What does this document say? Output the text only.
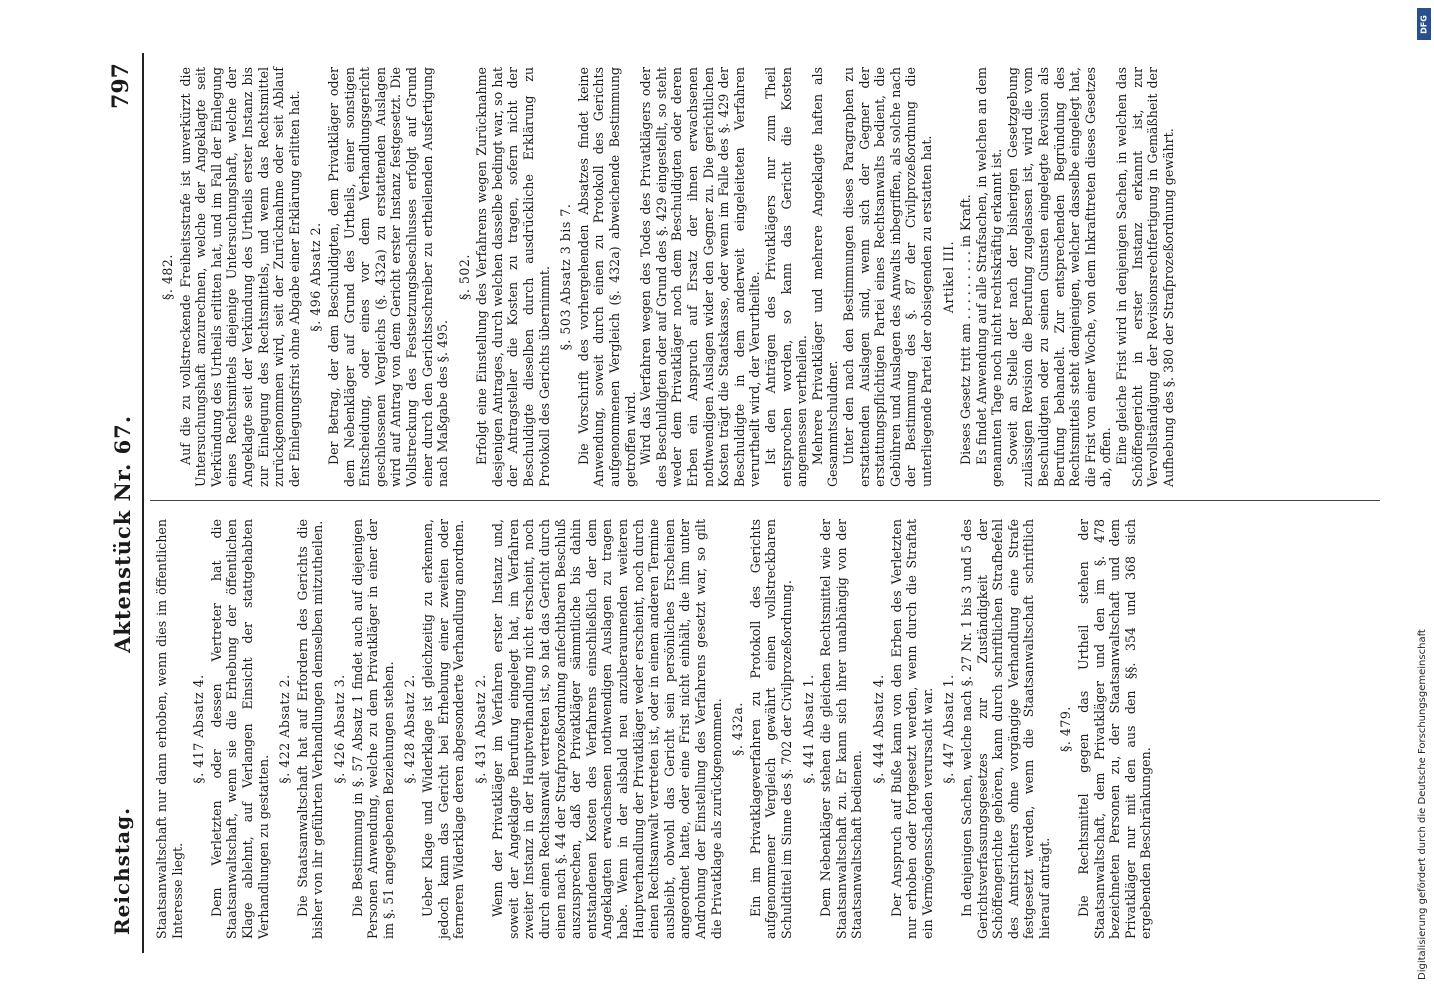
Reichstag.
Aktenstück Nr. 67.
797
Staatsanwaltschaft nur dann erhoben, wenn dies im öffentlichen Interesse liegt.
§. 417 Absatz 4. Dem Verletzten oder dessen Vertreter hat die Staatsanwaltschaft, wenn sie die Erhebung der öffentlichen Klage ablehnt, auf Verlangen Einsicht der stattgehabten Verhandlungen zu gestatten.
§. 422 Absatz 2. Die Staatsanwaltschaft hat auf Erfordern des Gerichts die bisher von ihr geführten Verhandlungen demselben mitzutheilen. §. 426 Absatz 3. Die Bestimmung in §. 57 Absatz 1 findet auch auf diejenigen Personen Anwendung, welche zu dem Privatkläger in einer der im §. 51 angegebenen Beziehungen stehen. §. 428 Absatz 2. Ueber Klage und Widerklage ist gleichzeitig zu erkennen, jedoch kann das Gericht bei Erhebung einer zweiten oder ferneren Widerklage deren abgesonderte Verhandlung anordnen. §. 431 Absatz 2. Wenn der Privatkläger im Verfahren erster Instanz und, soweit der Angeklagte Berufung eingelegt hat, im Verfahren zweiter Instanz in der Hauptverhandlung nicht erscheint, noch durch einen Rechtsanwalt vertreten ist, so hat das Gericht durch einen nach §. 44 der Strafprozeßordnung anfechtbaren Beschluß auszusprechen, daß der Privatkläger sämmtliche bis dahin entstandenen Kosten des Verfahrens einschließlich der dem Angeklagten erwachsenen nothwendigen Auslagen zu tragen habe. Wenn in der alsbald neu anzuberaumenden weiteren Hauptverhandlung der Privatkläger weder erscheint, noch durch einen Rechtsanwalt vertreten ist, oder in einem anderen Termine ausbleibt, obwohl das Gericht sein persönliches Erscheinen angeordnet hatte, oder eine Frist nicht einhält, die ihm unter Androhung der Einstellung des Verfahrens gesetzt war, so gilt die Privatklage als zurückgenommen. §. 432a. Ein im Privatklageverfahren zu Protokoll des Gerichts aufgenommener Vergleich gewährt einen vollstreckbaren Schuldtitel im Sinne des §. 702 der Civilprozeßordnung. §. 441 Absatz 1. Dem Nebenkläger stehen die gleichen Rechtsmittel wie der Staatsanwaltschaft zu. Er kann sich ihrer unabhängig von der Staatsanwaltschaft bedienen.
§. 444 Absatz 4. Der Anspruch auf Buße kann von den Erben des Verletzten nur erhoben oder fortgesetzt werden, wenn durch die Straftat ein Vermögensschaden verursacht war. §. 447 Absatz 1. In denjenigen Sachen, welche nach §. 27 Nr. 1 bis 3 und 5 des Gerichtsverfassungsgesetzes zur Zuständigkeit der Schöffengerichte gehören, kann durch schriftlichen Strafbefehl des Amtsrichters ohne vorgängige Verhandlung eine Strafe festgesetzt werden, wenn die Staatsanwaltschaft schriftlich hierauf anträgt.
§. 479. Die Rechtsmittel gegen das Urtheil stehen der Staatsanwaltschaft, dem Privatkläger und den im §. 478 bezeichneten Personen zu, der Staatsanwaltschaft und dem Privatkläger nur mit den aus den §§. 354 und 368 sich ergebenden Beschränkungen.
§. 482. Auf die zu vollstreckende Freiheitsstrafe ist unverkürzt die Untersuchungshaft anzurechnen, welche der Angeklagte seit Verkündung des Urtheils erlitten hat, und im Fall der Einlegung eines Rechtsmittels diejenige Untersuchungshaft, welche der Angeklagte seit der Verkündung des Urtheils erster Instanz bis zur Einlegung des Rechtsmittels, und wenn das Rechtsmittel zurückgenommen wird, seit der Zurücknahme oder seit Ablauf der Einlegungsfrist ohne Abgabe einer Erklärung erlitten hat. §. 496 Absatz 2. Der Betrag, der dem Beschuldigten, dem Privatkläger oder dem Nebenkläger auf Grund des Urtheils, einer sonstigen Entscheidung, oder eines vor dem Verhandlungsgericht geschlossenen Vergleichs (§. 432a) zu erstattenden Auslagen wird auf Antrag von dem Gericht erster Instanz festgesetzt. Die Vollstreckung des Festsetzungsbeschlusses erfolgt auf Grund einer durch den Gerichtsschreiber zu ertheilenden Ausfertigung nach Maßgabe des §. 495.
§. 502. Erfolgt eine Einstellung des Verfahrens wegen Zurücknahme desjenigen Antrages, durch welchen dasselbe bedingt war, so hat der Antragsteller die Kosten zu tragen, sofern nicht der Beschuldigte dieselben durch ausdrückliche Erklärung zu Protokoll des Gerichts übernimmt. §. 503 Absatz 3 bis 7. Die Vorschrift des vorhergehenden Absatzes findet keine Anwendung, soweit durch einen zu Protokoll des Gerichts aufgenommenen Vergleich (§. 432a) abweichende Bestimmung getroffen wird. Wird das Verfahren wegen des Todes des Privatklägers oder des Beschuldigten oder auf Grund des §. 429 eingestellt, so steht weder dem Privatkläger noch dem Beschuldigten oder deren Erben ein Anspruch auf Ersatz der ihnen erwachsenen nothwendigen Auslagen wider den Gegner zu. Die gerichtlichen Kosten trägt die Staatskasse, oder wenn im Falle des §. 429 der Beschuldigte in dem anderweit eingeleiteten Verfahren verurtheilt wird, der Verurtheilte. Ist den Anträgen des Privatklägers nur zum Theil entsprochen worden, so kann das Gericht die Kosten angemessen vertheilen. Mehrere Privatkläger und mehrere Angeklagte haften als Gesammtschuldner. Unter den nach den Bestimmungen dieses Paragraphen zu erstattenden Auslagen sind, wenn sich der Gegner der erstattungspflichtigen Partei eines Rechtsanwalts bedient, die Gebühren und Auslagen des Anwalts inbegriffen, als solche nach der Bestimmung des §. 87 der Civilprozeßordnung die unterliegende Partei der obsiegenden zu erstatten hat. Artikel III. Dieses Gesetz tritt am . . . . . . . . . in Kraft. Es findet Anwendung auf alle Strafsachen, in welchen an dem genannten Tage noch nicht rechtskräftig erkannt ist. Soweit an Stelle der nach der bisherigen Gesetzgebung zulässigen Revision die Berufung zugelassen ist, wird die vom Beschuldigten oder zu seinen Gunsten eingelegte Revision als Berufung behandelt. Zur entsprechenden Begründung des Rechtsmittels steht demjenigen, welcher dasselbe eingelegt hat, die Frist von einer Woche, von dem Inkrafttreten dieses Gesetzes ab, offen. Eine gleiche Frist wird in denjenigen Sachen, in welchen das Schöffengericht in erster Instanz erkannt ist, zur Vervollständigung der Revisionsrechtfertigung in Gemäßheit der Aufhebung des §. 380 der Strafprozeßordnung gewährt.
DFG
Digitalisierung gefördert durch die Deutsche Forschungsgemeinschaft
